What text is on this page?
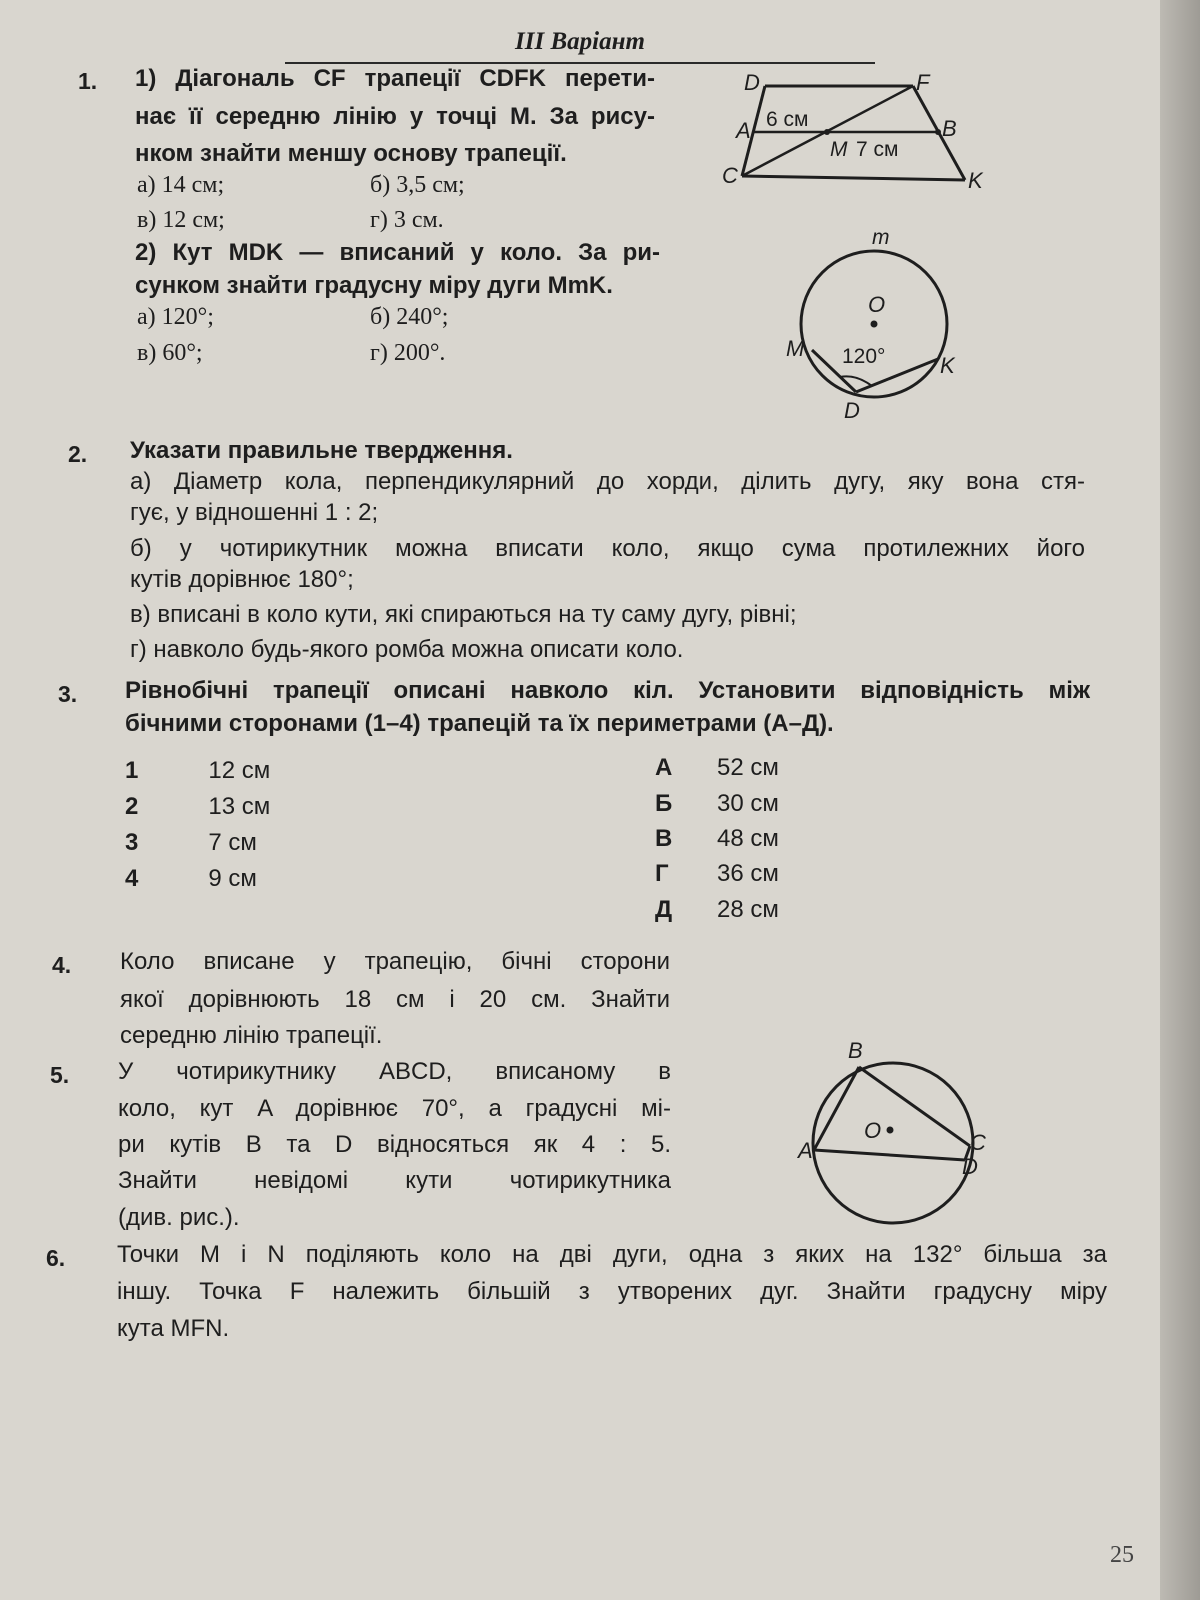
III Варіант
1. 1) Діагональ CF трапеції CDFK перети-
нає її середню лінію у точці M. За рису-
нком знайти меншу основу трапеції.
а) 14 см;	б) 3,5 см;
в) 12 см;	г) 3 см.
2) Кут MDK — вписаний у коло. За ри-
сунком знайти градусну міру дуги MmK.
а) 120°;	б) 240°;
в) 60°;	г) 200°.
D	F
A	B
C	K
M
6 см
7 см
m
O
M
K
D
120°
2. Указати правильне твердження.
а) Діаметр кола, перпендикулярний до хорди, ділить дугу, яку вона стя-
гує, у відношенні 1 : 2;
б) у чотирикутник можна вписати коло, якщо сума протилежних його
кутів дорівнює 180°;
в) вписані в коло кути, які спираються на ту саму дугу, рівні;
г) навколо будь-якого ромба можна описати коло.
3. Рівнобічні трапеції описані навколо кіл. Установити відповідність між
бічними сторонами (1–4) трапецій та їх периметрами (А–Д).
1	12 см
2	13 см
3	7 см
4	9 см
А 52 см
Б 30 см
В 48 см
Г 36 см
Д 28 см
4. Коло вписане у трапецію, бічні сторони
якої дорівнюють 18 см і 20 см. Знайти
середню лінію трапеції.
5. У чотирикутнику ABCD, вписаному в
коло, кут A дорівнює 70°, а градусні мі-
ри кутів B та D відносяться як 4 : 5.
Знайти невідомі кути чотирикутника
(див. рис.).
B
A	C
D
O
6. Точки M і N поділяють коло на дві дуги, одна з яких на 132° більша за
іншу. Точка F належить більшій з утворених дуг. Знайти градусну міру
кута MFN.
25
